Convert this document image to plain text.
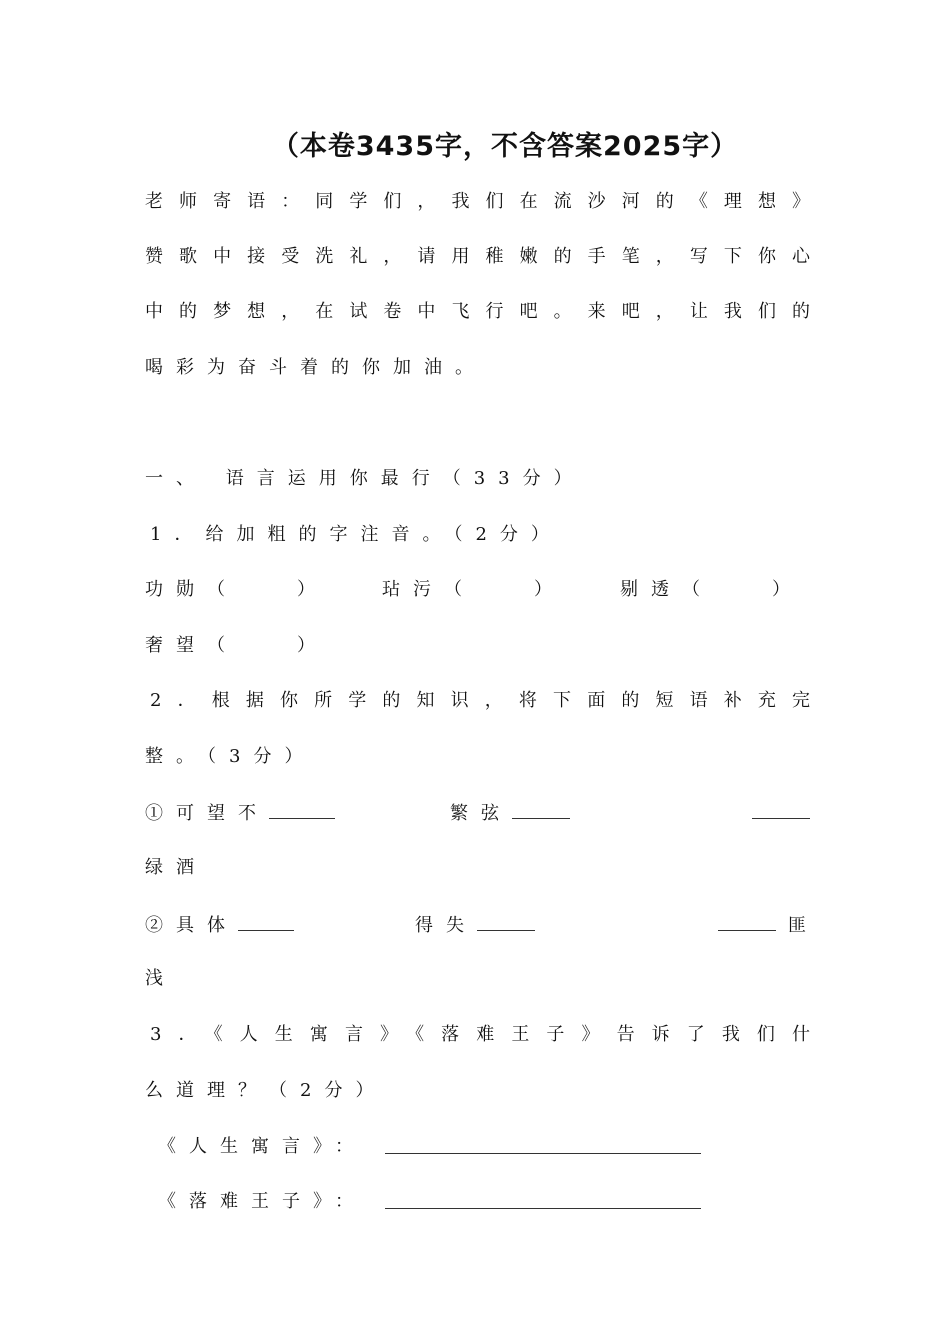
（本卷3435字，不含答案2025字）
老师寄语：同学们，我们在流沙河的《理想》
赞歌中接受洗礼，请用稚嫩的手笔，写下你心
中的梦想，在试卷中飞行吧。来吧，让我们的
喝彩为奋斗着的你加油。
一、 语言运用你最行（33分）
1．给加粗的字注音。（2分）
功勋（	）	玷污（	）	剔透（	）
奢望（	）
2．根据你所学的知识，将下面的短语补充完
整。（3分）
①可望不	繁弦
绿酒
②具体	得失	匪
浅
3．《人生寓言》《落难王子》告诉了我们什
么道理？（2分）
《人生寓言》：
《落难王子》：
